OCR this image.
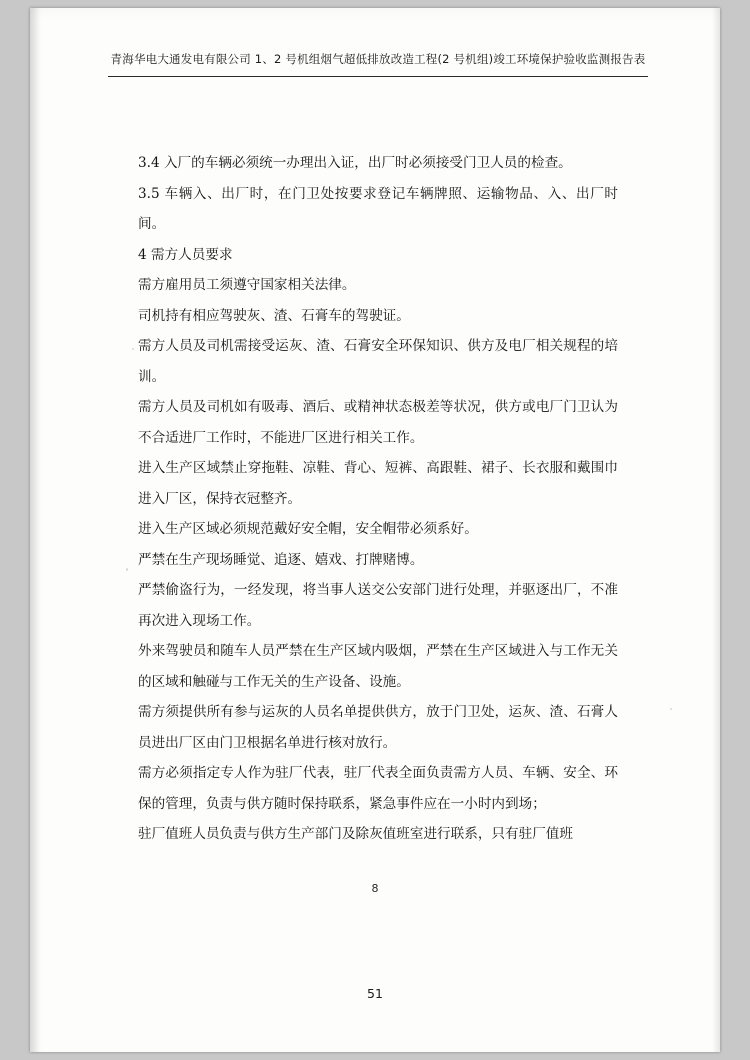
青海华电大通发电有限公司 1、2 号机组烟气超低排放改造工程(2 号机组)竣工环境保护验收监测报告表

3.4 入厂的车辆必须统一办理出入证，出厂时必须接受门卫人员的检查。

3.5 车辆入、出厂时，在门卫处按要求登记车辆牌照、运输物品、入、出厂时间。

4 需方人员要求

需方雇用员工须遵守国家相关法律。

司机持有相应驾驶灰、渣、石膏车的驾驶证。

需方人员及司机需接受运灰、渣、石膏安全环保知识、供方及电厂相关规程的培训。

需方人员及司机如有吸毒、酒后、或精神状态极差等状况，供方或电厂门卫认为不合适进厂工作时，不能进厂区进行相关工作。

进入生产区域禁止穿拖鞋、凉鞋、背心、短裤、高跟鞋、裙子、长衣服和戴围巾进入厂区，保持衣冠整齐。

进入生产区域必须规范戴好安全帽，安全帽带必须系好。

严禁在生产现场睡觉、追逐、嬉戏、打牌赌博。

严禁偷盗行为，一经发现，将当事人送交公安部门进行处理，并驱逐出厂，不准再次进入现场工作。

外来驾驶员和随车人员严禁在生产区域内吸烟，严禁在生产区域进入与工作无关的区域和触碰与工作无关的生产设备、设施。

需方须提供所有参与运灰的人员名单提供供方，放于门卫处，运灰、渣、石膏人员进出厂区由门卫根据名单进行核对放行。

需方必须指定专人作为驻厂代表，驻厂代表全面负责需方人员、车辆、安全、环保的管理，负责与供方随时保持联系，紧急事件应在一小时内到场；

驻厂值班人员负责与供方生产部门及除灰值班室进行联系，只有驻厂值班

8
51
